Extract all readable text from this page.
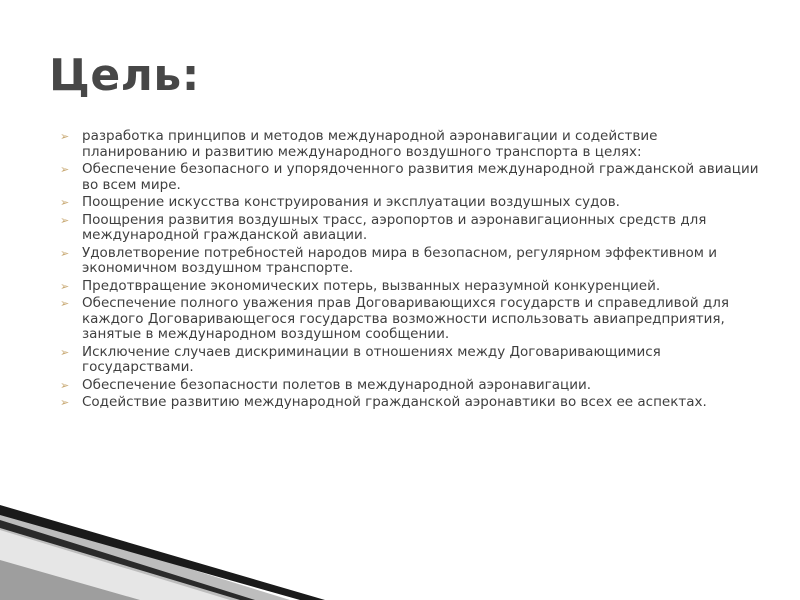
Цель:
➢ разработка принципов и методов международной аэронавигации и содействие планированию и развитию международного воздушного транспорта в целях:
➢ Обеспечение безопасного и упорядоченного развития международной гражданской авиации во всем мире.
➢ Поощрение искусства конструирования и эксплуатации воздушных судов.
➢ Поощрения развития воздушных трасс, аэропортов и аэронавигационных средств для международной гражданской авиации.
➢ Удовлетворение потребностей народов мира в безопасном, регулярном эффективном и экономичном воздушном транспорте.
➢ Предотвращение экономических потерь, вызванных неразумной конкуренцией.
➢ Обеспечение полного уважения прав Договаривающихся государств и справедливой для каждого Договаривающегося государства возможности использовать авиапредприятия, занятые в международном воздушном сообщении.
➢ Исключение случаев дискриминации в отношениях между Договаривающимися государствами.
➢ Обеспечение безопасности полетов в международной аэронавигации.
➢ Содействие развитию международной гражданской аэронавтики во всех ее аспектах.
